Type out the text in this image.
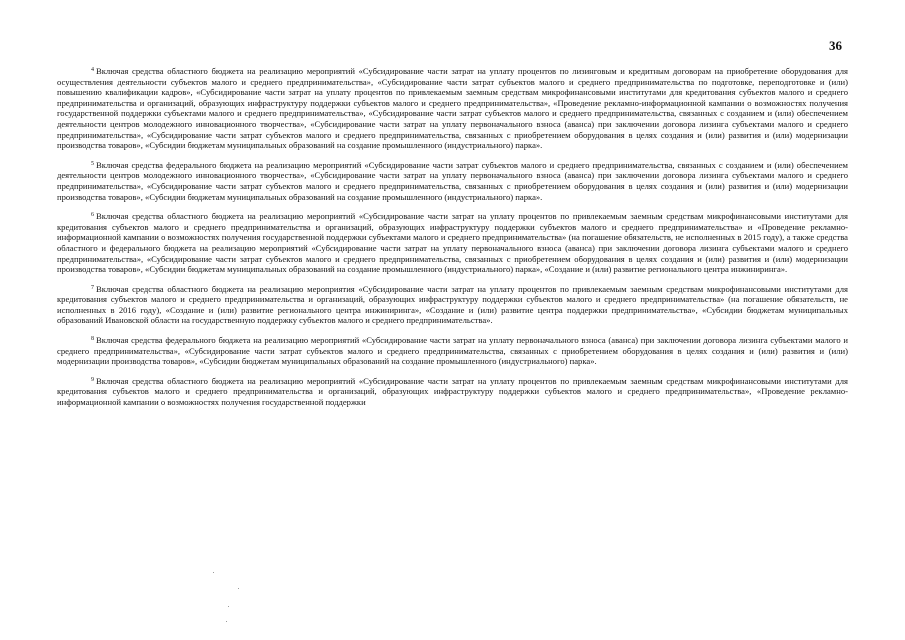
36

$^4$ Включая средства областного бюджета на реализацию мероприятий «Субсидирование части затрат на уплату процентов по лизинговым и кредитным договорам на приобретение оборудования для осуществления деятельности субъектов малого и среднего предпринимательства», «Субсидирование части затрат субъектов малого и среднего предпринимательства по подготовке, переподготовке и (или) повышению квалификации кадров», «Субсидирование части затрат на уплату процентов по привлекаемым заемным средствам микрофинансовыми институтами для кредитования субъектов малого и среднего предпринимательства и организаций, образующих инфраструктуру поддержки субъектов малого и среднего предпринимательства», «Проведение рекламно-информационной кампании о возможностях получения государственной поддержки субъектами малого и среднего предпринимательства», «Субсидирование части затрат субъектов малого и среднего предпринимательства, связанных с созданием и (или) обеспечением деятельности центров молодежного инновационного творчества», «Субсидирование части затрат на уплату первоначального взноса (аванса) при заключении договора лизинга субъектами малого и среднего предпринимательства», «Субсидирование части затрат субъектов малого и среднего предпринимательства, связанных с приобретением оборудования в целях создания и (или) развития и (или) модернизации производства товаров», «Субсидии бюджетам муниципальных образований на создание промышленного (индустриального) парка».

$^5$ Включая средства федерального бюджета на реализацию мероприятий «Субсидирование части затрат субъектов малого и среднего предпринимательства, связанных с созданием и (или) обеспечением деятельности центров молодежного инновационного творчества», «Субсидирование части затрат на уплату первоначального взноса (аванса) при заключении договора лизинга субъектами малого и среднего предпринимательства», «Субсидирование части затрат субъектов малого и среднего предпринимательства, связанных с приобретением оборудования в целях создания и (или) развития и (или) модернизации производства товаров», «Субсидии бюджетам муниципальных образований на создание промышленного (индустриального) парка».

$^6$ Включая средства областного бюджета на реализацию мероприятий «Субсидирование части затрат на уплату процентов по привлекаемым заемным средствам микрофинансовыми институтами для кредитования субъектов малого и среднего предпринимательства и организаций, образующих инфраструктуру поддержки субъектов малого и среднего предпринимательства» и «Проведение рекламно-информационной кампании о возможностях получения государственной поддержки субъектами малого и среднего предпринимательства» (на погашение обязательств, не исполненных в 2015 году), а также средства областного и федерального бюджета на реализацию мероприятий «Субсидирование части затрат на уплату первоначального взноса (аванса) при заключении договора лизинга субъектами малого и среднего предпринимательства», «Субсидирование части затрат субъектов малого и среднего предпринимательства, связанных с приобретением оборудования в целях создания и (или) развития и (или) модернизации производства товаров», «Субсидии бюджетам муниципальных образований на создание промышленного (индустриального) парка», «Создание и (или) развитие регионального центра инжиниринга».

$^7$ Включая средства областного бюджета на реализацию мероприятия «Субсидирование части затрат на уплату процентов по привлекаемым заемным средствам микрофинансовыми институтами для кредитования субъектов малого и среднего предпринимательства и организаций, образующих инфраструктуру поддержки субъектов малого и среднего предпринимательства» (на погашение обязательств, не исполненных в 2016 году), «Создание и (или) развитие регионального центра инжиниринга», «Создание и (или) развитие центра поддержки предпринимательства», «Субсидии бюджетам муниципальных образований Ивановской области на государственную поддержку субъектов малого и среднего предпринимательства».

$^8$ Включая средства федерального бюджета на реализацию мероприятий «Субсидирование части затрат на уплату первоначального взноса (аванса) при заключении договора лизинга субъектами малого и среднего предпринимательства», «Субсидирование части затрат субъектов малого и среднего предпринимательства, связанных с приобретением оборудования в целях создания и (или) развития и (или) модернизации производства товаров», «Субсидии бюджетам муниципальных образований на создание промышленного (индустриального) парка».

$^9$ Включая средства областного бюджета на реализацию мероприятий «Субсидирование части затрат на уплату процентов по привлекаемым заемным средствам микрофинансовыми институтами для кредитования субъектов малого и среднего предпринимательства и организаций, образующих инфраструктуру поддержки субъектов малого и среднего предпринимательства», «Проведение рекламно-информационной кампании о возможностях получения государственной поддержки
